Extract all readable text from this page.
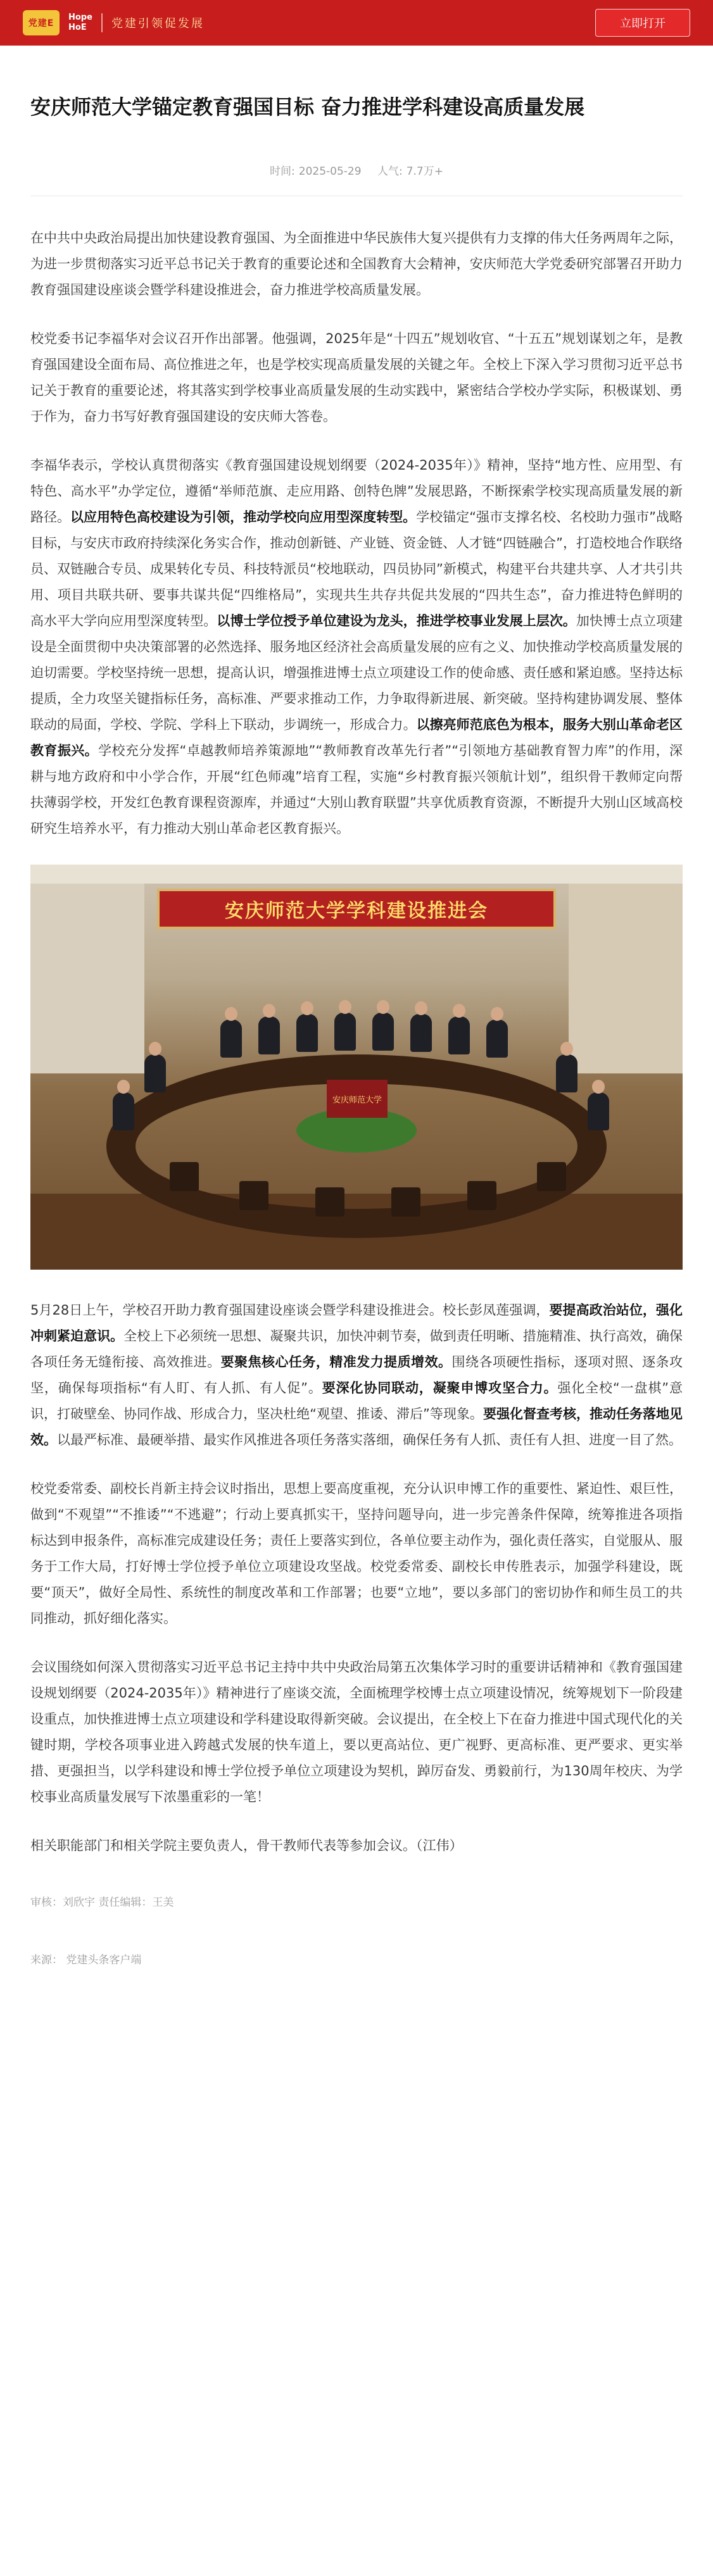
党建E
Hope
HoE	党建引领促发展	立即打开
安庆师范大学锚定教育强国目标 奋力推进学科建设高质量发展
时间: 2025-05-29 人气: 7.7万+

在中共中央政治局提出加快建设教育强国、为全面推进中华民族伟大复兴提供有力支撑的伟大任务两周年之际，为进一步贯彻落实习近平总书记关于教育的重要论述和全国教育大会精神，安庆师范大学党委研究部署召开助力教育强国建设座谈会暨学科建设推进会，奋力推进学校高质量发展。

校党委书记李福华对会议召开作出部署。他强调，2025年是“十四五”规划收官、“十五五”规划谋划之年，是教育强国建设全面布局、高位推进之年，也是学校实现高质量发展的关键之年。全校上下深入学习贯彻习近平总书记关于教育的重要论述，将其落实到学校事业高质量发展的生动实践中，紧密结合学校办学实际，积极谋划、勇于作为，奋力书写好教育强国建设的安庆师大答卷。

李福华表示，学校认真贯彻落实《教育强国建设规划纲要（2024-2035年）》精神，坚持“地方性、应用型、有特色、高水平”办学定位，遵循“举师范旗、走应用路、创特色牌”发展思路，不断探索学校实现高质量发展的新路径。以应用特色高校建设为引领，推动学校向应用型深度转型。学校锚定“强市支撑名校、名校助力强市”战略目标，与安庆市政府持续深化务实合作，推动创新链、产业链、资金链、人才链“四链融合”，打造校地合作联络员、双链融合专员、成果转化专员、科技特派员“校地联动，四员协同”新模式，构建平台共建共享、人才共引共用、项目共联共研、要事共谋共促“四维格局”，实现共生共存共促共发展的“四共生态”，奋力推进特色鲜明的高水平大学向应用型深度转型。以博士学位授予单位建设为龙头，推进学校事业发展上层次。加快博士点立项建设是全面贯彻中央决策部署的必然选择、服务地区经济社会高质量发展的应有之义、加快推动学校高质量发展的迫切需要。学校坚持统一思想，提高认识，增强推进博士点立项建设工作的使命感、责任感和紧迫感。坚持达标提质，全力攻坚关键指标任务，高标准、严要求推动工作，力争取得新进展、新突破。坚持构建协调发展、整体联动的局面，学校、学院、学科上下联动，步调统一，形成合力。以擦亮师范底色为根本，服务大别山革命老区教育振兴。学校充分发挥“卓越教师培养策源地”“教师教育改革先行者”“引领地方基础教育智力库”的作用，深耕与地方政府和中小学合作，开展“红色师魂”培育工程，实施“乡村教育振兴领航计划”，组织骨干教师定向帮扶薄弱学校，开发红色教育课程资源库，并通过“大别山教育联盟”共享优质教育资源，不断提升大别山区域高校研究生培养水平，有力推动大别山革命老区教育振兴。

安庆师范大学学科建设推进会
安庆师范大学

5月28日上午，学校召开助力教育强国建设座谈会暨学科建设推进会。校长彭凤莲强调，要提高政治站位，强化冲刺紧迫意识。全校上下必须统一思想、凝聚共识，加快冲刺节奏，做到责任明晰、措施精准、执行高效，确保各项任务无缝衔接、高效推进。要聚焦核心任务，精准发力提质增效。围绕各项硬性指标，逐项对照、逐条攻坚，确保每项指标“有人盯、有人抓、有人促”。要深化协同联动，凝聚申博攻坚合力。强化全校“一盘棋”意识，打破壁垒、协同作战、形成合力，坚决杜绝“观望、推诿、滞后”等现象。要强化督查考核，推动任务落地见效。以最严标准、最硬举措、最实作风推进各项任务落实落细，确保任务有人抓、责任有人担、进度一目了然。

校党委常委、副校长肖新主持会议时指出，思想上要高度重视，充分认识申博工作的重要性、紧迫性、艰巨性，做到“不观望”“不推诿”“不逃避”；行动上要真抓实干，坚持问题导向，进一步完善条件保障，统筹推进各项指标达到申报条件，高标准完成建设任务；责任上要落实到位，各单位要主动作为，强化责任落实，自觉服从、服务于工作大局，打好博士学位授予单位立项建设攻坚战。校党委常委、副校长申传胜表示，加强学科建设，既要“顶天”，做好全局性、系统性的制度改革和工作部署；也要“立地”，要以多部门的密切协作和师生员工的共同推动，抓好细化落实。

会议围绕如何深入贯彻落实习近平总书记主持中共中央政治局第五次集体学习时的重要讲话精神和《教育强国建设规划纲要（2024-2035年）》精神进行了座谈交流，全面梳理学校博士点立项建设情况，统筹规划下一阶段建设重点，加快推进博士点立项建设和学科建设取得新突破。会议提出，在全校上下在奋力推进中国式现代化的关键时期，学校各项事业进入跨越式发展的快车道上，要以更高站位、更广视野、更高标准、更严要求、更实举措、更强担当，以学科建设和博士学位授予单位立项建设为契机，踔厉奋发、勇毅前行，为130周年校庆、为学校事业高质量发展写下浓墨重彩的一笔！

相关职能部门和相关学院主要负责人，骨干教师代表等参加会议。（江伟）

审核：刘欣宇 责任编辑：王美
来源： 党建头条客户端
